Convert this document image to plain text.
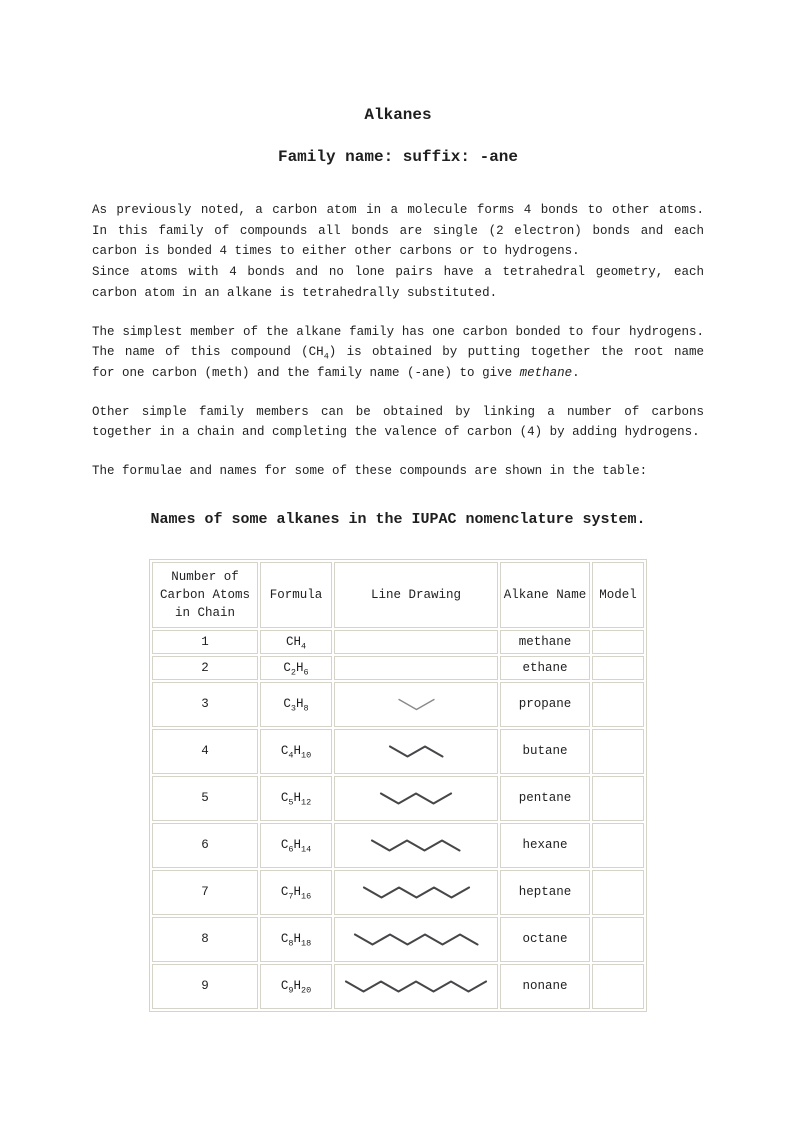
Alkanes
Family name: suffix: -ane
As previously noted, a carbon atom in a molecule forms 4 bonds to other atoms.
In this family of compounds all bonds are single (2 electron) bonds and each
carbon is bonded 4 times to either other carbons or to hydrogens.
Since atoms with 4 bonds and no lone pairs have a tetrahedral geometry, each
carbon atom in an alkane is tetrahedrally substituted.
The simplest member of the alkane family has one carbon bonded to four hydrogens.
The name of this compound $(CH_4)$ is obtained by putting together the root name
for one carbon (meth) and the family name (-ane) to give methane.
Other simple family members can be obtained by linking a number of carbons
together in a chain and completing the valence of carbon (4) by adding hydrogens.
The formulae and names for some of these compounds are shown in the table:
Names of some alkanes in the IUPAC nomenclature system.
Number of Carbon Atoms in Chain	Formula	Line Drawing	Alkane Name	Model
1	$CH_4$		methane	
2	$C_2H_6$		ethane	
3	$C_3H_8$		propane	
4	$C_4H_{10}$		butane	
5	$C_5H_{12}$		pentane	
6	$C_6H_{14}$		hexane	
7	$C_7H_{16}$		heptane	
8	$C_8H_{18}$		octane	
9	$C_9H_{20}$		nonane	
